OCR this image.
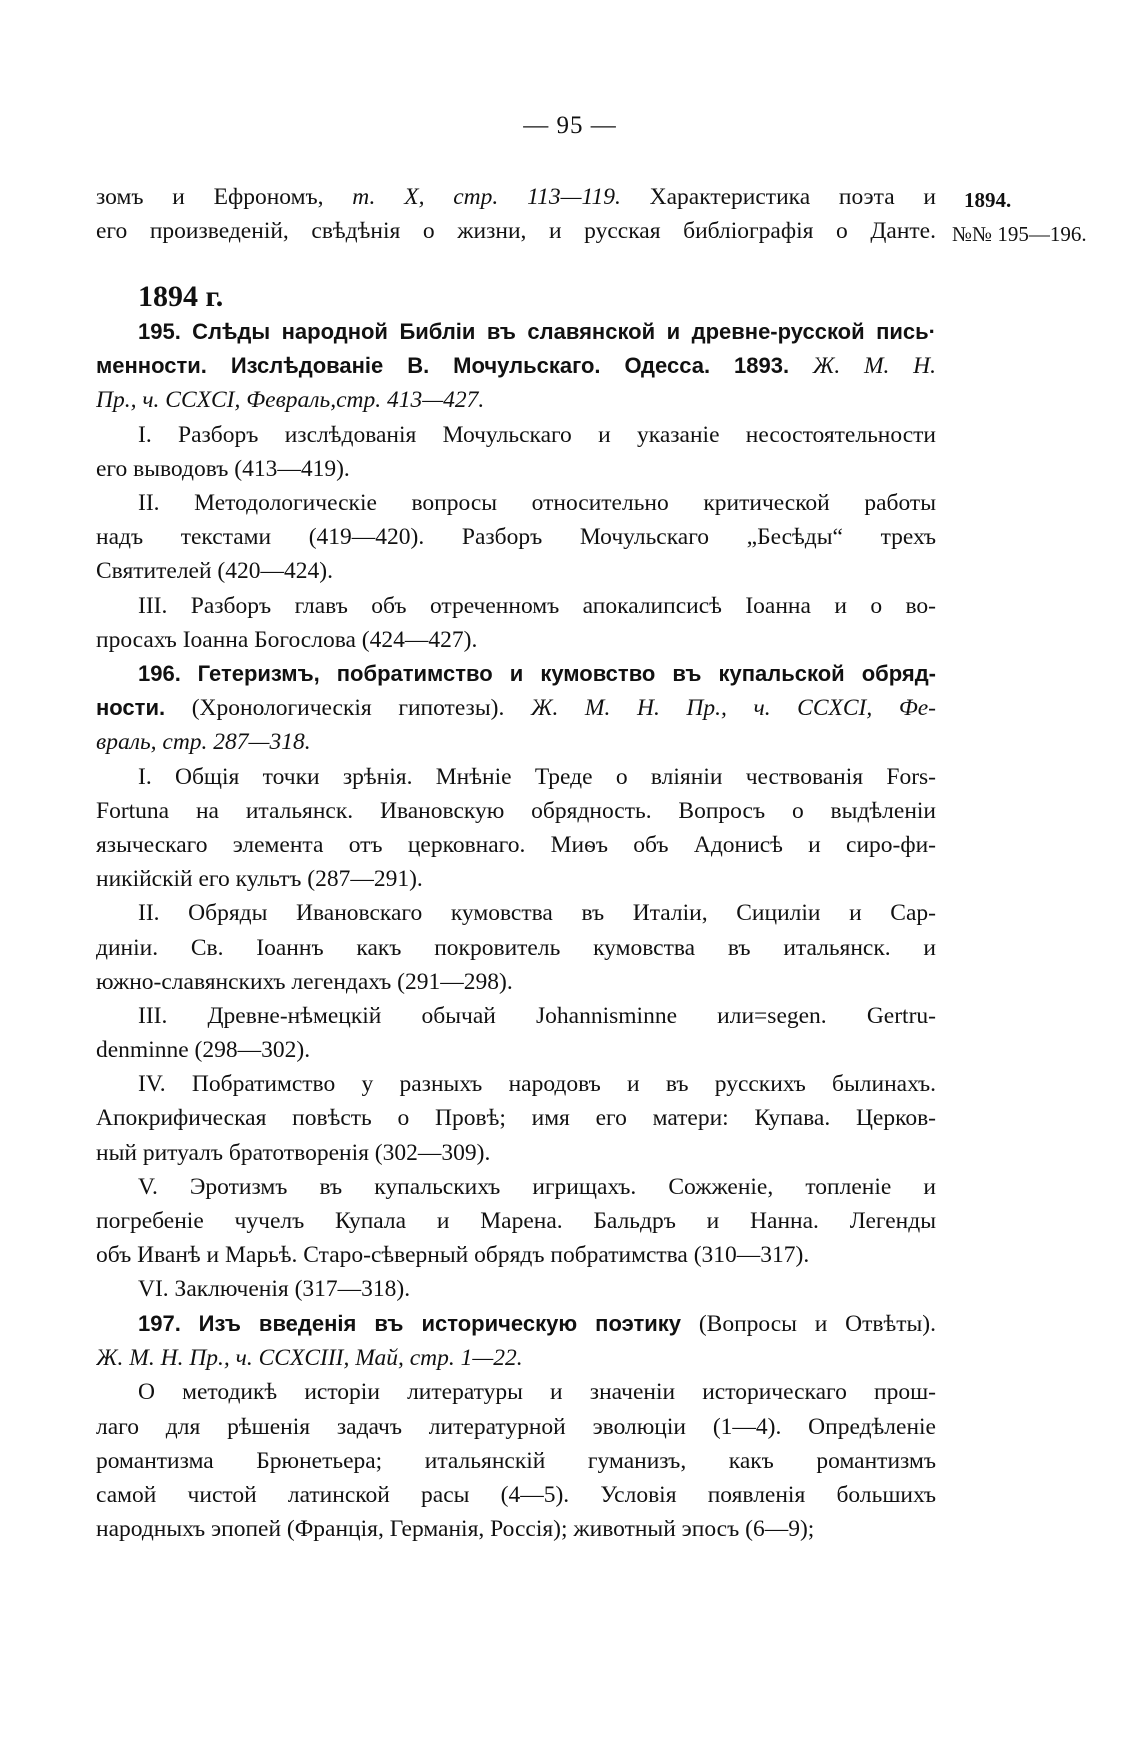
— 95 —
зомъ и Ефрономъ, т. X, стр. 113—119. Характеристика поэта и
его произведеній, свѣдѣнія о жизни, и русская библіографія о Данте.
1894.
№№ 195—196.
1894 г.
195. Слѣды народной Библіи въ славянской и древне-русской пись·
менности. Изслѣдованіе В. Мочульскаго. Одесса. 1893. Ж. М. Н.
Пр., ч. CCXCI, Февраль,стр. 413—427.
I. Разборъ изслѣдованія Мочульскаго и указаніе несостоятельности
его выводовъ (413—419).
II. Методологическіе вопросы относительно критической работы
надъ текстами (419—420). Разборъ Мочульскаго „Бесѣды“ трехъ
Святителей (420—424).
III. Разборъ главъ объ отреченномъ апокалипсисѣ Іоанна и о во-
просахъ Іоанна Богослова (424—427).
196. Гетеризмъ, побратимство и кумовство въ купальской обряд-
ности. (Хронологическія гипотезы). Ж. М. Н. Пр., ч. CCXCI, Фе-
враль, стр. 287—318.
I. Общія точки зрѣнія. Мнѣніе Треде о вліяніи чествованія Fors-
Fortuna на итальянск. Ивановскую обрядность. Вопросъ о выдѣленіи
языческаго элемента отъ церковнаго. Миѳъ объ Адонисѣ и сиро-фи-
никійскій его культъ (287—291).
II. Обряды Ивановскаго кумовства въ Италіи, Сициліи и Сар-
диніи. Св. Іоаннъ какъ покровитель кумовства въ итальянск. и
южно-славянскихъ легендахъ (291—298).
III. Древне-нѣмецкій обычай Johannisminne или=segen. Gertru-
denminne (298—302).
IV. Побратимство у разныхъ народовъ и въ русскихъ былинахъ.
Апокрифическая повѣсть о Провѣ; имя его матери: Купава. Церков-
ный ритуалъ братотворенія (302—309).
V. Эротизмъ въ купальскихъ игрищахъ. Сожженіе, топленіе и
погребеніе чучелъ Купала и Марена. Бальдръ и Нанна. Легенды
объ Иванѣ и Марьѣ. Старо-сѣверный обрядъ побратимства (310—317).
VI. Заключенія (317—318).
197. Изъ введенія въ историческую поэтику (Вопросы и Отвѣты).
Ж. М. Н. Пр., ч. CCXCIII, Май, стр. 1—22.
О методикѣ исторіи литературы и значеніи историческаго прош-
лаго для рѣшенія задачъ литературной эволюціи (1—4). Опредѣленіе
романтизма Брюнетьера; итальянскій гуманизъ, какъ романтизмъ
самой чистой латинской расы (4—5). Условія появленія большихъ
народныхъ эпопей (Франція, Германія, Россія); животный эпосъ (6—9);
